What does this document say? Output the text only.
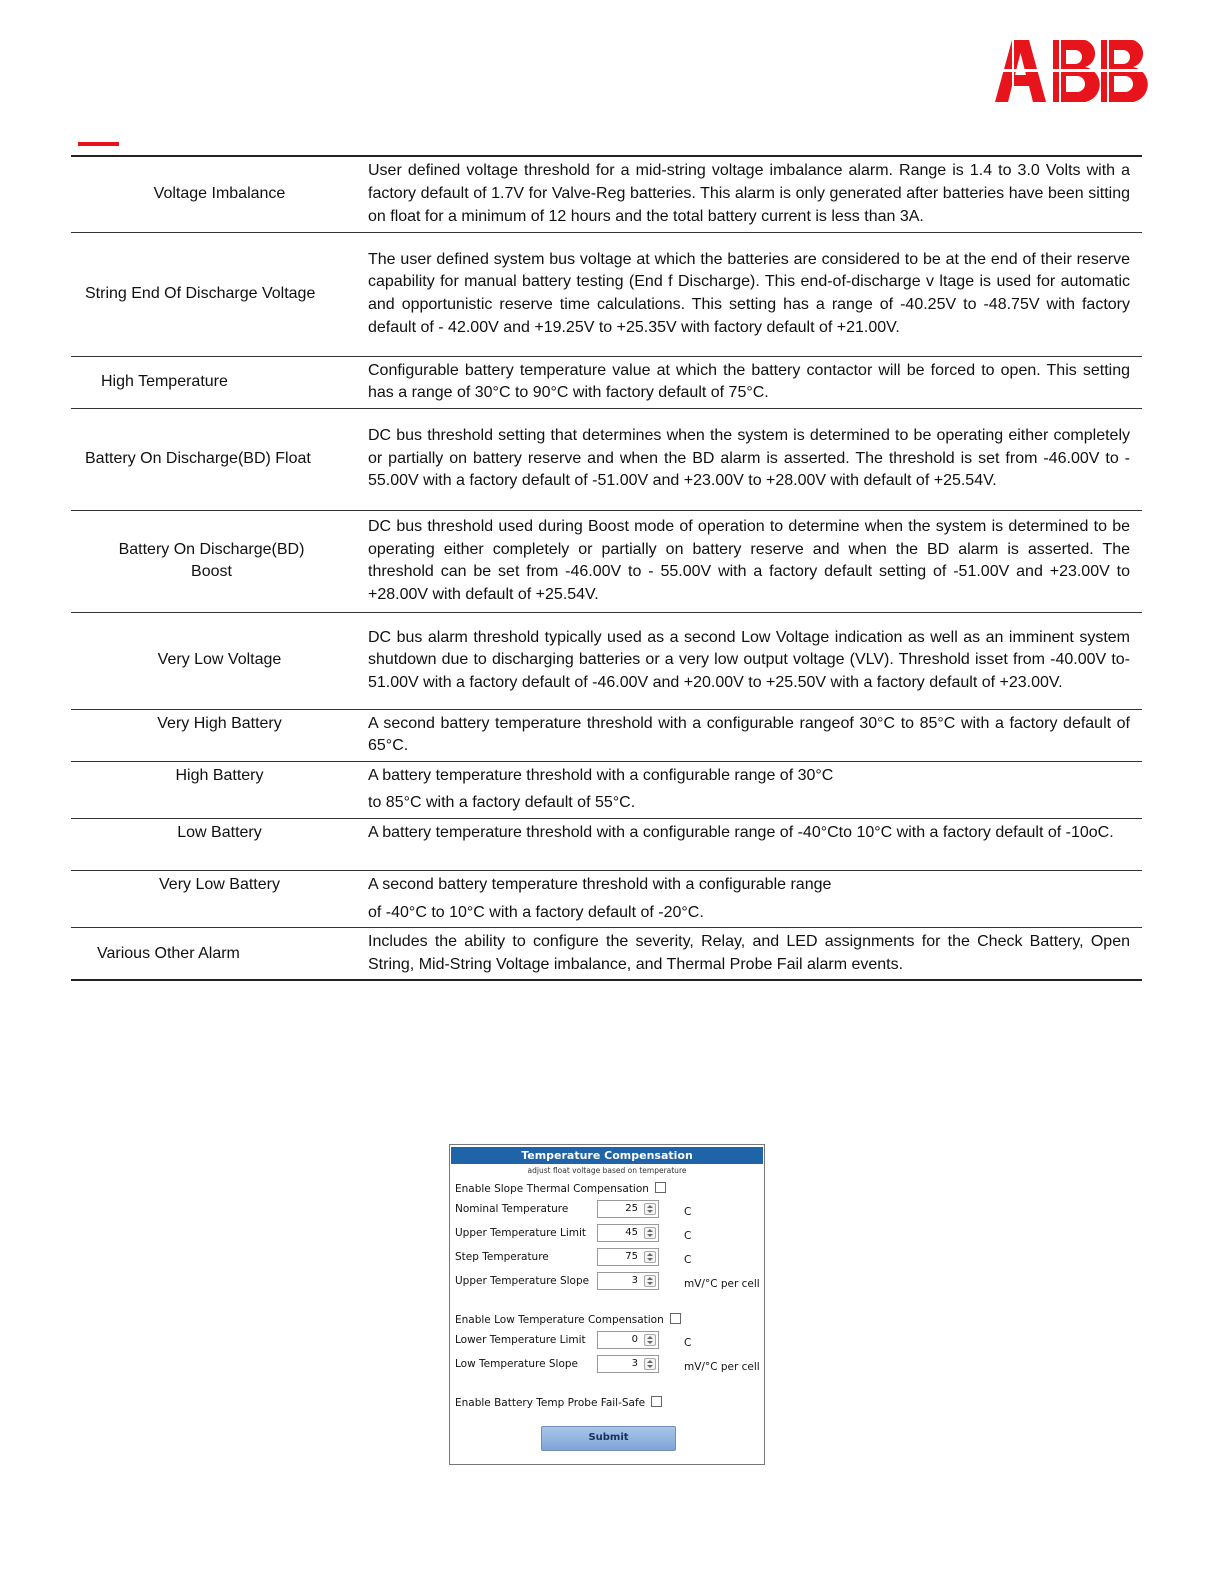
Voltage Imbalance	User defined voltage threshold for a mid-string voltage imbalance alarm. Range is 1.4 to 3.0 Volts with a factory default of 1.7V for Valve-Reg batteries. This alarm is only generated after batteries have been sitting on float for a minimum of 12 hours and the total battery current is less than 3A.
String End Of Discharge Voltage	The user defined system bus voltage at which the batteries are considered to be at the end of their reserve capability for manual battery testing (End f Discharge). This end-of-discharge v ltage is used for automatic and opportunistic reserve time calculations. This setting has a range of -40.25V to -48.75V with factory default of - 42.00V and +19.25V to +25.35V with factory default of +21.00V.
High Temperature	Configurable battery temperature value at which the battery contactor will be forced to open. This setting has a range of 30°C to 90°C with factory default of 75°C.
Battery On Discharge(BD) Float	DC bus threshold setting that determines when the system is determined to be operating either completely or partially on battery reserve and when the BD alarm is asserted. The threshold is set from -46.00V to - 55.00V with a factory default of -51.00V and +23.00V to +28.00V with default of +25.54V.
Battery On Discharge(BD) Boost	DC bus threshold used during Boost mode of operation to determine when the system is determined to be operating either completely or partially on battery reserve and when the BD alarm is asserted. The threshold can be set from -46.00V to - 55.00V with a factory default setting of -51.00V and +23.00V to +28.00V with default of +25.54V.
Very Low Voltage	DC bus alarm threshold typically used as a second Low Voltage indication as well as an imminent system shutdown due to discharging batteries or a very low output voltage (VLV). Threshold isset from -40.00V to- 51.00V with a factory default of -46.00V and +20.00V to +25.50V with a factory default of +23.00V.
Very High Battery	A second battery temperature threshold with a configurable rangeof 30°C to 85°C with a factory default of 65°C.
High Battery	A battery temperature threshold with a configurable range of 30°C
to 85°C with a factory default of 55°C.

Low Battery	A battery temperature threshold with a configurable range of -40°Cto 10°C with a factory default of -10oC.
Very Low Battery	A second battery temperature threshold with a configurable range
of -40°C to 10°C with a factory default of -20°C.

Various Other Alarm	Includes the ability to configure the severity, Relay, and LED assignments for the Check Battery, Open String, Mid-String Voltage imbalance, and Thermal Probe Fail alarm events.
Temperature Compensation
adjust float voltage based on temperature
Enable Slope Thermal Compensation
Nominal Temperature	25	C
Upper Temperature Limit	45	C
Step Temperature	75	C
Upper Temperature Slope	3	mV/°C per cell
Enable Low Temperature Compensation
Lower Temperature Limit	0	C
Low Temperature Slope	3	mV/°C per cell
Enable Battery Temp Probe Fail-Safe
Submit
